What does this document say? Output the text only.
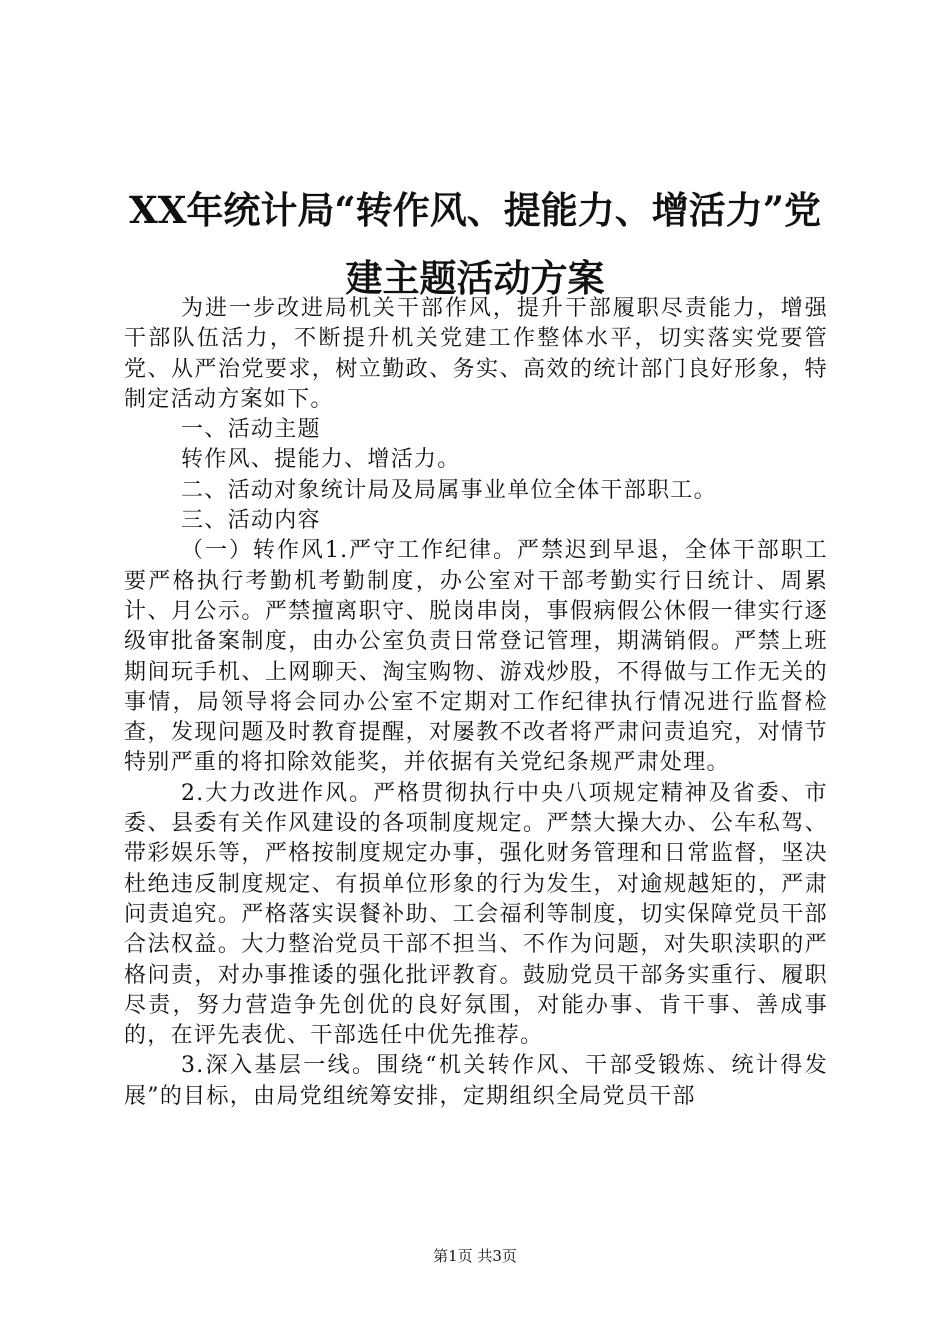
XX年统计局“转作风、提能力、增活力”党建主题活动方案

为进一步改进局机关干部作风，提升干部履职尽责能力，增强干部队伍活力，不断提升机关党建工作整体水平，切实落实党要管党、从严治党要求，树立勤政、务实、高效的统计部门良好形象，特制定活动方案如下。

一、活动主题

转作风、提能力、增活力。

二、活动对象统计局及局属事业单位全体干部职工。

三、活动内容

（一）转作风1.严守工作纪律。严禁迟到早退，全体干部职工要严格执行考勤机考勤制度，办公室对干部考勤实行日统计、周累计、月公示。严禁擅离职守、脱岗串岗，事假病假公休假一律实行逐级审批备案制度，由办公室负责日常登记管理，期满销假。严禁上班期间玩手机、上网聊天、淘宝购物、游戏炒股，不得做与工作无关的事情，局领导将会同办公室不定期对工作纪律执行情况进行监督检查，发现问题及时教育提醒，对屡教不改者将严肃问责追究，对情节特别严重的将扣除效能奖，并依据有关党纪条规严肃处理。

2.大力改进作风。严格贯彻执行中央八项规定精神及省委、市委、县委有关作风建设的各项制度规定。严禁大操大办、公车私驾、带彩娱乐等，严格按制度规定办事，强化财务管理和日常监督，坚决杜绝违反制度规定、有损单位形象的行为发生，对逾规越矩的，严肃问责追究。严格落实误餐补助、工会福利等制度，切实保障党员干部合法权益。大力整治党员干部不担当、不作为问题，对失职渎职的严格问责，对办事推诿的强化批评教育。鼓励党员干部务实重行、履职尽责，努力营造争先创优的良好氛围，对能办事、肯干事、善成事的，在评先表优、干部选任中优先推荐。

3.深入基层一线。围绕“机关转作风、干部受锻炼、统计得发展”的目标，由局党组统筹安排，定期组织全局党员干部

第1页 共3页
